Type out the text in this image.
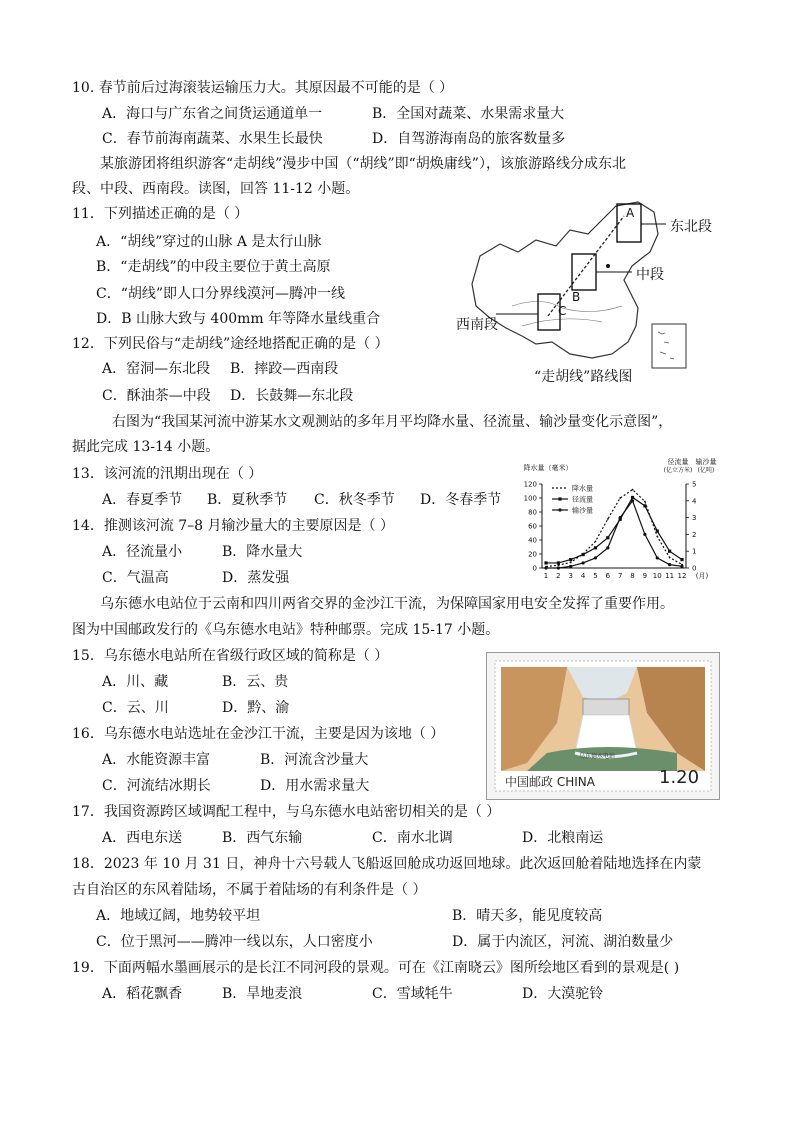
10. 春节前后过海滚装运输压力大。其原因最不可能的是（ ）
A．海口与广东省之间货运通道单一	B．全国对蔬菜、水果需求量大
C．春节前海南蔬菜、水果生长最快	D．自驾游海南岛的旅客数量多
某旅游团将组织游客“走胡线”漫步中国（“胡线”即“胡焕庸线”），该旅游路线分成东北
段、中段、西南段。读图，回答 11-12 小题。
11．下列描述正确的是（ ）
A．“胡线”穿过的山脉 A 是太行山脉
B．“走胡线”的中段主要位于黄土高原
C．“胡线”即人口分界线漠河—腾冲一线
D．B 山脉大致与 400mm 年等降水量线重合
12．下列民俗与“走胡线”途经地搭配正确的是（ ）
A．窑洞—东北段 B．摔跤—西南段
C．酥油茶—中段 D．长鼓舞—东北段
东北段
中段
西南段
A
B
C
“走胡线”路线图
右图为“我国某河流中游某水文观测站的多年月平均降水量、径流量、输沙量变化示意图”，
据此完成 13-14 小题。
13．该河流的汛期出现在（ ）
A．春夏季节 B．夏秋季节 C．秋冬季节 D．冬春季节
14．推测该河流 7–8 月输沙量大的主要原因是（ ）
A．径流量小	B．降水量大
C．气温高	D．蒸发强
0
20
40
60
80
100
120
0
1
2
3
4
5
1 2 3 4 5 6 7 8 9 10 11 12 (月)
降水量（毫米）
径流量
(亿立方米)
输沙量
(亿吨)
降水量
径流量
输沙量
乌东德水电站位于云南和四川两省交界的金沙江干流，为保障国家用电安全发挥了重要作用。
图为中国邮政发行的《乌东德水电站》特种邮票。完成 15-17 小题。
15．乌东德水电站所在省级行政区域的简称是（ ）
A．川、藏	B．云、贵
C．云、川	D．黔、渝
16．乌东德水电站选址在金沙江干流，主要是因为该地（ ）
A．水能资源丰富	B．河流含沙量大
C．河流结冰期长	D．用水需求量大
乌东德水电站
中国邮政 CHINA	1.20
17．我国资源跨区域调配工程中，与乌东德水电站密切相关的是（ ）
A．西电东送	B．西气东输	C．南水北调	D．北粮南运
18．2023 年 10 月 31 日，神舟十六号载人飞船返回舱成功返回地球。此次返回舱着陆地选择在内蒙
古自治区的东风着陆场，不属于着陆场的有利条件是（ ）
A．地域辽阔，地势较平坦	B．晴天多，能见度较高
C．位于黑河——腾冲一线以东，人口密度小	D．属于内流区，河流、湖泊数量少
19．下面两幅水墨画展示的是长江不同河段的景观。可在《江南晓云》图所绘地区看到的景观是( )
A．稻花飘香	B．旱地麦浪	C．雪域牦牛	D．大漠驼铃
